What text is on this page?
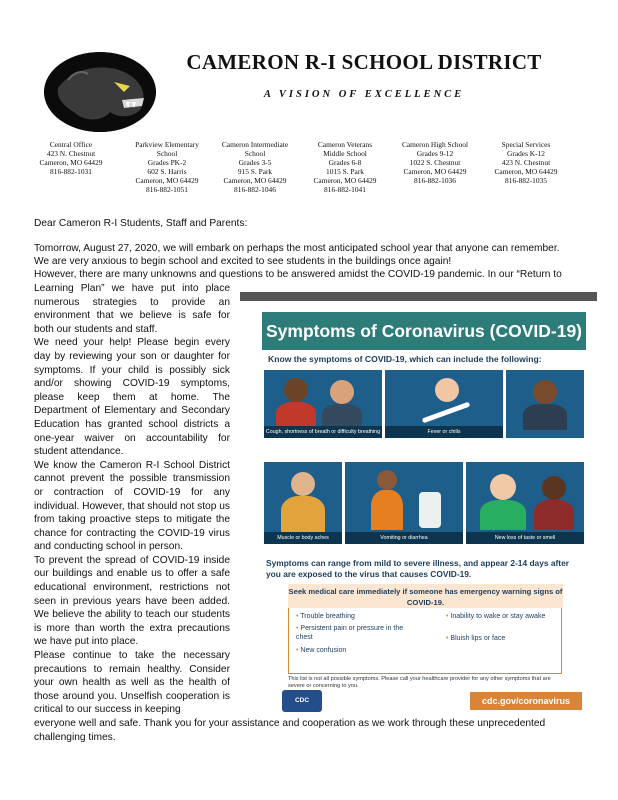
CAMERON R-I SCHOOL DISTRICT
A VISION OF EXCELLENCE
Central Office
423 N. Chestnut
Cameron, MO 64429
816-882-1031
Parkview Elementary
School
Grades PK-2
602 S. Harris
Cameron, MO 64429
816-882-1051
Cameron Intermediate
School
Grades 3-5
915 S. Park
Cameron, MO 64429
816-882-1046
Cameron Veterans
Middle School
Grades 6-8
1015 S. Park
Cameron, MO 64429
816-882-1041
Cameron High School
Grades 9-12
1022 S. Chestnut
Cameron, MO 64429
816-882-1036
Special Services
Grades K-12
423 N. Chestnut
Cameron, MO 64429
816-882-1035
Dear Cameron R-I Students, Staff and Parents:
Tomorrow, August 27, 2020, we will embark on perhaps the most anticipated school year that anyone can remember.
We are very anxious to begin school and excited to see students in the buildings once again!
However, there are many unknowns and questions to be answered amidst the COVID-19 pandemic. In our “Return to

Learning Plan” we have put into place numerous strategies to provide an environment that we believe is safe for both our students and staff.

We need your help! Please begin every day by reviewing your son or daughter for symptoms. If your child is possibly sick and/or showing COVID-19 symptoms, please keep them at home. The Department of Elementary and Secondary Education has granted school districts a one-year waiver on accountability for student attendance.

We know the Cameron R-I School District cannot prevent the possible transmission or contraction of COVID-19 for any individual. However, that should not stop us from taking proactive steps to mitigate the chance for contracting the COVID-19 virus and conducting school in person.

To prevent the spread of COVID-19 inside our buildings and enable us to offer a safe educational environment, restrictions not seen in previous years have been added. We believe the ability to teach our students is more than worth the extra precautions we have put into place.

Please continue to take the necessary precautions to remain healthy. Consider your own health as well as the health of those around you. Unselfish cooperation is critical to our success in keeping

everyone well and safe. Thank you for your assistance and cooperation as we work through these unprecedented
challenging times.
Symptoms of Coronavirus (COVID-19)
Know the symptoms of COVID-19, which can include the following:
Cough, shortness of breath or difficulty breathing	Fever or chills
Muscle or body aches	Vomiting or diarrhea	New loss of taste or smell
Symptoms can range from mild to severe illness, and appear 2-14 days after you are exposed to the virus that causes COVID-19.
Seek medical care immediately if someone has emergency warning signs of COVID-19.
• Trouble breathing
• Persistent pain or pressure in the chest
• New confusion
• Inability to wake or stay awake
• Bluish lips or face
This list is not all possible symptoms. Please call your healthcare provider for any other symptoms that are severe or concerning to you.
CDC	cdc.gov/coronavirus
